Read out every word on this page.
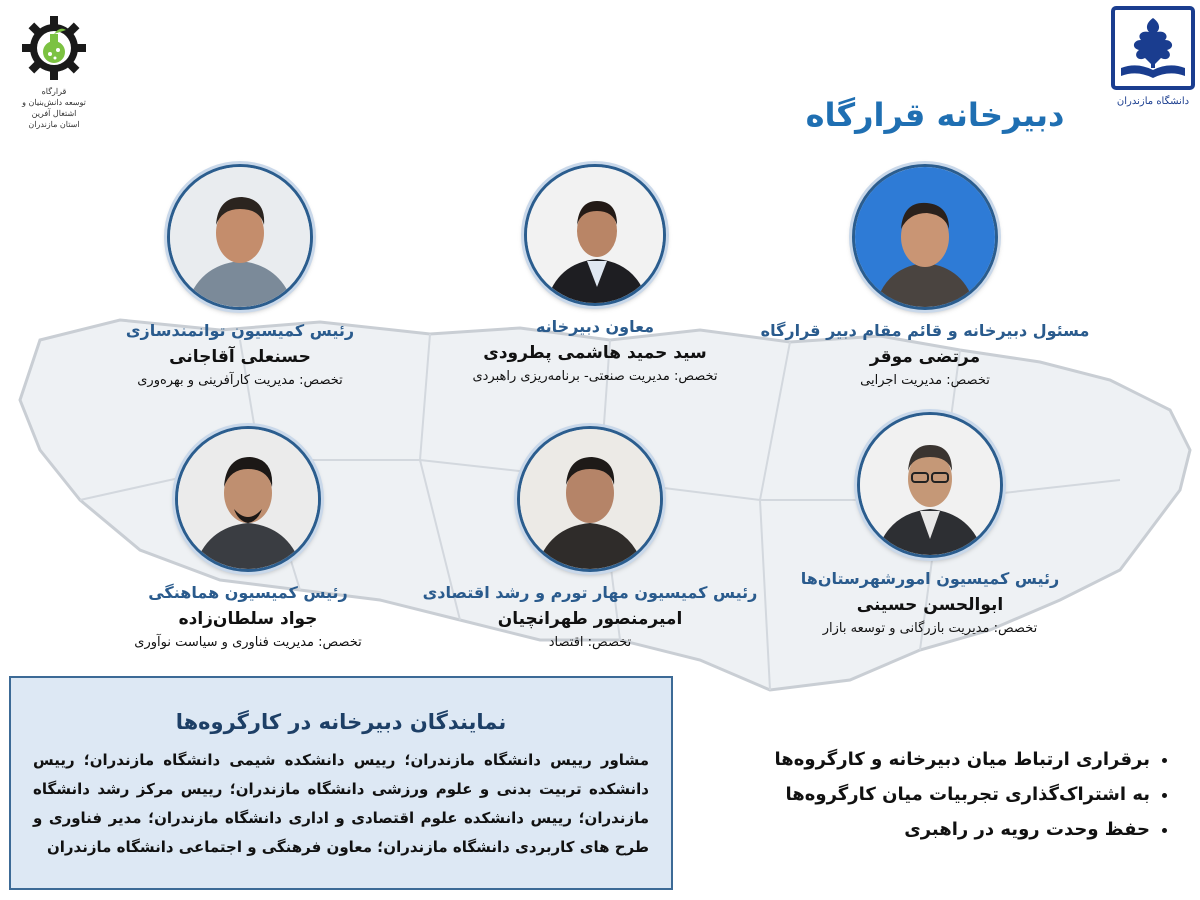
قرارگاه
توسعه دانش‌بنیان و اشتغال آفرین
استان مازندران
دانشگاه مازندران
دبیرخانه قرارگاه
مسئول دبیرخانه و قائم مقام دبیر قرارگاه
مرتضی موقر
تخصص: مدیریت اجرایی
معاون دبیرخانه
سید حمید هاشمی پطرودی
تخصص: مدیریت صنعتی- برنامه‌ریزی راهبردی
رئیس کمیسیون توانمندسازی
حسنعلی آقاجانی
تخصص: مدیریت کارآفرینی و بهره‌وری
رئیس کمیسیون امورشهرستان‌ها
ابوالحسن حسینی
تخصص: مدیریت بازرگانی و توسعه بازار
رئیس کمیسیون مهار تورم و رشد اقتصادی
امیرمنصور طهرانچیان
تخصص: اقتصاد
رئیس کمیسیون هماهنگی
جواد سلطان‌زاده
تخصص: مدیریت فناوری و سیاست نوآوری
نمایندگان دبیرخانه در کارگروه‌ها
مشاور رییس دانشگاه مازندران؛ رییس دانشکده شیمی دانشگاه مازندران؛ رییس دانشکده تربیت بدنی و علوم ورزشی دانشگاه مازندران؛ رییس مرکز رشد دانشگاه مازندران؛ رییس دانشکده علوم اقتصادی و اداری دانشگاه مازندران؛ مدیر فناوری و طرح های کاربردی دانشگاه مازندران؛ معاون فرهنگی و اجتماعی دانشگاه مازندران
• برقراری ارتباط میان دبیرخانه و کارگروه‌ها
• به اشتراک‌گذاری تجربیات میان کارگروه‌ها
• حفظ وحدت رویه در راهبری
